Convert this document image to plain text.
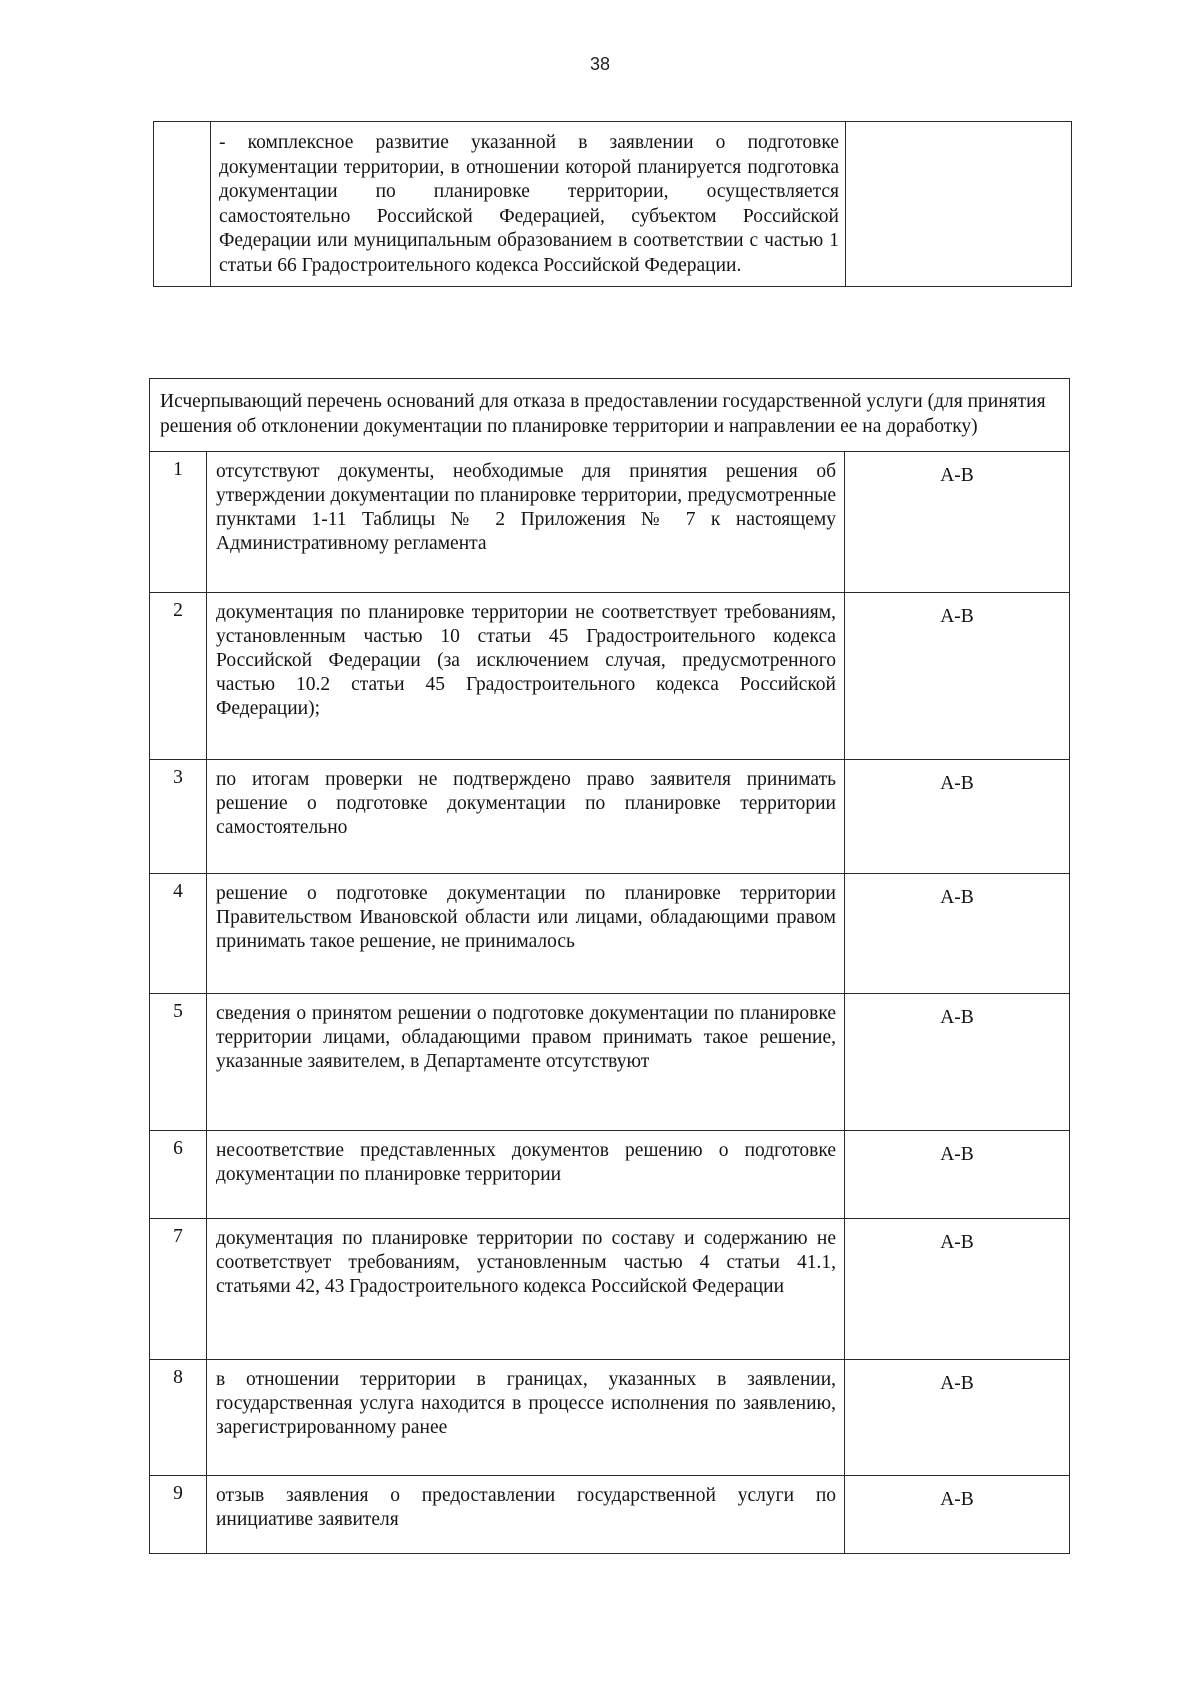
38
	- комплексное развитие указанной в заявлении о подготовке документации территории, в отношении которой планируется подготовка документации по планировке территории, осуществляется самостоятельно Российской Федерацией, субъектом Российской Федерации или муниципальным образованием в соответствии с частью 1 статьи 66 Градостроительного кодекса Российской Федерации.	
Исчерпывающий перечень оснований для отказа в предоставлении государственной услуги (для принятия решения об отклонении документации по планировке территории и направлении ее на доработку)		
1	отсутствуют документы, необходимые для принятия решения об утверждении документации по планировке территории, предусмотренные пунктами 1-11 Таблицы № 2 Приложения № 7 к настоящему Административному регламента	А-В
2	документация по планировке территории не соответствует требованиям, установленным частью 10 статьи 45 Градостроительного кодекса Российской Федерации (за исключением случая, предусмотренного частью 10.2 статьи 45 Градостроительного кодекса Российской Федерации);	А-В
3	по итогам проверки не подтверждено право заявителя принимать решение о подготовке документации по планировке территории самостоятельно	А-В
4	решение о подготовке документации по планировке территории Правительством Ивановской области или лицами, обладающими правом принимать такое решение, не принималось	А-В
5	сведения о принятом решении о подготовке документации по планировке территории лицами, обладающими правом принимать такое решение, указанные заявителем, в Департаменте отсутствуют	А-В
6	несоответствие представленных документов решению о подготовке документации по планировке территории	А-В
7	документация по планировке территории по составу и содержанию не соответствует требованиям, установленным частью 4 статьи 41.1, статьями 42, 43 Градостроительного кодекса Российской Федерации	А-В
8	в отношении территории в границах, указанных в заявлении, государственная услуга находится в процессе исполнения по заявлению, зарегистрированному ранее	А-В
9	отзыв заявления о предоставлении государственной услуги по инициативе заявителя	А-В
